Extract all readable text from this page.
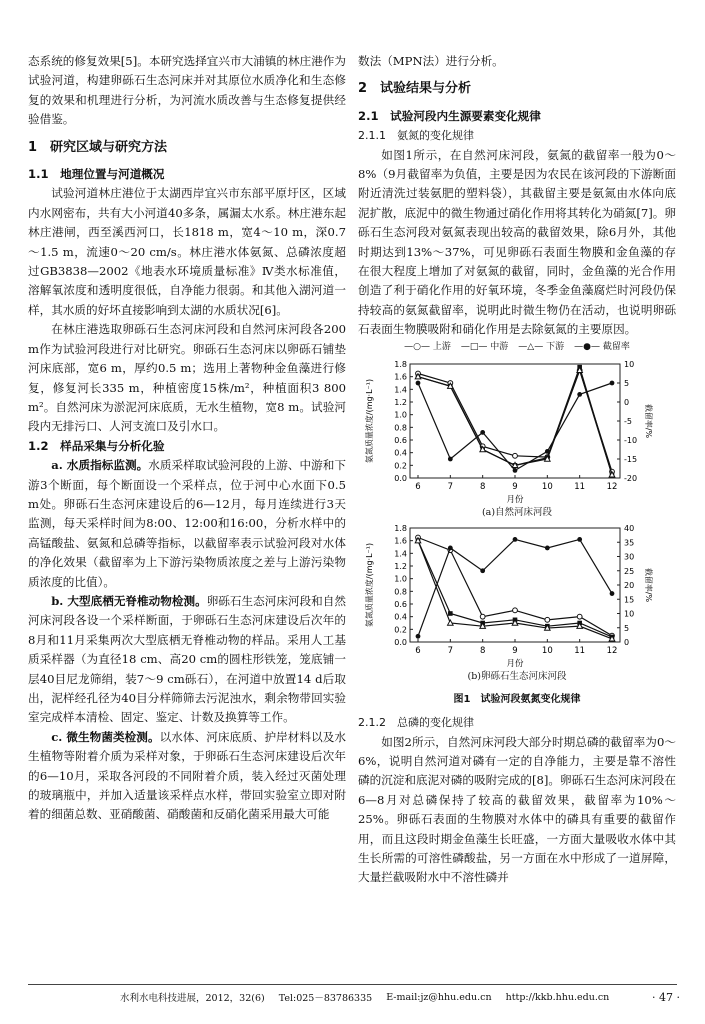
态系统的修复效果[5]。本研究选择宜兴市大浦镇的林庄港作为试验河道，构建卵砾石生态河床并对其原位水质净化和生态修复的效果和机理进行分析，为河流水质改善与生态修复提供经验借鉴。

1　研究区域与研究方法
1.1　地理位置与河道概况

试验河道林庄港位于太湖西岸宜兴市东部平原圩区，区域内水网密布，共有大小河道40多条，属漏太水系。林庄港东起林庄港闸，西至溪西河口，长1818 m，宽4～10 m，深0.7～1.5 m，流速0～20 cm/s。林庄港水体氨氮、总磷浓度超过GB3838—2002《地表水环境质量标准》Ⅳ类水标准值，溶解氧浓度和透明度很低，自净能力很弱。和其他入湖河道一样，其水质的好坏直接影响到太湖的水质状况[6]。

在林庄港选取卵砾石生态河床河段和自然河床河段各200 m作为试验河段进行对比研究。卵砾石生态河床以卵砾石铺垫河床底部，宽6 m，厚约0.5 m；选用上著物种金鱼藻进行修复，修复河长335 m，种植密度15株/m²，种植面积3 800 m²。自然河床为淤泥河床底质，无水生植物，宽8 m。试验河段内无排污口、人河支流口及引水口。

1.2　样品采集与分析化验

a. 水质指标监测。水质采样取试验河段的上游、中游和下游3个断面，每个断面设一个采样点，位于河中心水面下0.5 m处。卵砾石生态河床建设后的6—12月，每月连续进行3天监测，每天采样时间为8:00、12:00和16:00，分析水样中的高锰酸盐、氨氮和总磷等指标，以截留率表示试验河段对水体的净化效果（截留率为上下游污染物质浓度之差与上游污染物质浓度的比值）。

b. 大型底栖无脊椎动物检测。卵砾石生态河床河段和自然河床河段各设一个采样断面，于卵砾石生态河床建设后次年的8月和11月采集两次大型底栖无脊椎动物的样品。采用人工基质采样器（为直径18 cm、高20 cm的圆柱形铁笼，笼底铺一层40目尼龙筛绢，装7～9 cm砾石），在河道中放置14 d后取出，泥样经孔径为40目分样筛筛去污泥浊水，剩余物带回实验室完成样本清检、固定、鉴定、计数及换算等工作。

c. 微生物菌类检测。以水体、河床底质、护岸材料以及水生植物等附着介质为采样对象，于卵砾石生态河床建设后次年的6—10月，采取各河段的不同附着介质，装入经过灭菌处理的玻璃瓶中，并加入适量该采样点水样，带回实验室立即对附着的细菌总数、亚硝酸菌、硝酸菌和反硝化菌采用最大可能

数法（MPN法）进行分析。

2　试验结果与分析
2.1　试验河段内生源要素变化规律
2.1.1　氨氮的变化规律

如图1所示，在自然河床河段，氨氮的截留率一般为0～8%（9月截留率为负值，主要是因为农民在该河段的下游断面附近清洗过装氨肥的塑料袋），其截留主要是氨氮由水体向底泥扩散，底泥中的微生物通过硝化作用将其转化为硝氮[7]。卵砾石生态河段对氨氮表现出较高的截留效果，除6月外，其他时期达到13%～37%，可见卵砾石表面生物膜和金鱼藻的存在很大程度上增加了对氨氮的截留，同时，金鱼藻的光合作用创造了利于硝化作用的好氧环境，冬季金鱼藻腐烂时河段仍保持较高的氨氮截留率，说明此时微生物仍在活动，也说明卵砾石表面生物膜吸附和硝化作用是去除氨氮的主要原因。

—○— 上游 —□— 中游 —△— 下游 —●— 截留率
0.0
0.2
0.4
0.6
0.8
1.0
1.2
1.4
1.6
1.8
-20
-15
-10
-5
0
5
10
6	7	8	9	10	11	12
月份
氨氮质量浓度/(mg·L⁻¹)	截留率/%
(a)自然河床河段
0.0
0.2
0.4
0.6
0.8
1.0
1.2
1.4
1.6
1.8
0
5
10
15
20
25
30
35
40
6	7	8	9	10	11	12
月份
氨氮质量浓度/(mg·L⁻¹)	截留率/%
(b)卵砾石生态河床河段
图1　试验河段氨氮变化规律
2.1.2　总磷的变化规律

如图2所示，自然河床河段大部分时期总磷的截留率为0～6%，说明自然河道对磷有一定的自净能力，主要是靠不溶性磷的沉淀和底泥对磷的吸附完成的[8]。卵砾石生态河床河段在6—8月对总磷保持了较高的截留效果，截留率为10%～25%。卵砾石表面的生物膜对水体中的磷具有重要的截留作用，而且这段时期金鱼藻生长旺盛，一方面大量吸收水体中其生长所需的可溶性磷酸盐，另一方面在水中形成了一道屏障，大量拦截吸附水中不溶性磷并

水利水电科技进展，2012，32(6) Tel:025－83786335 E-mail:jz@hhu.edu.cn http://kkb.hhu.edu.cn	· 47 ·
